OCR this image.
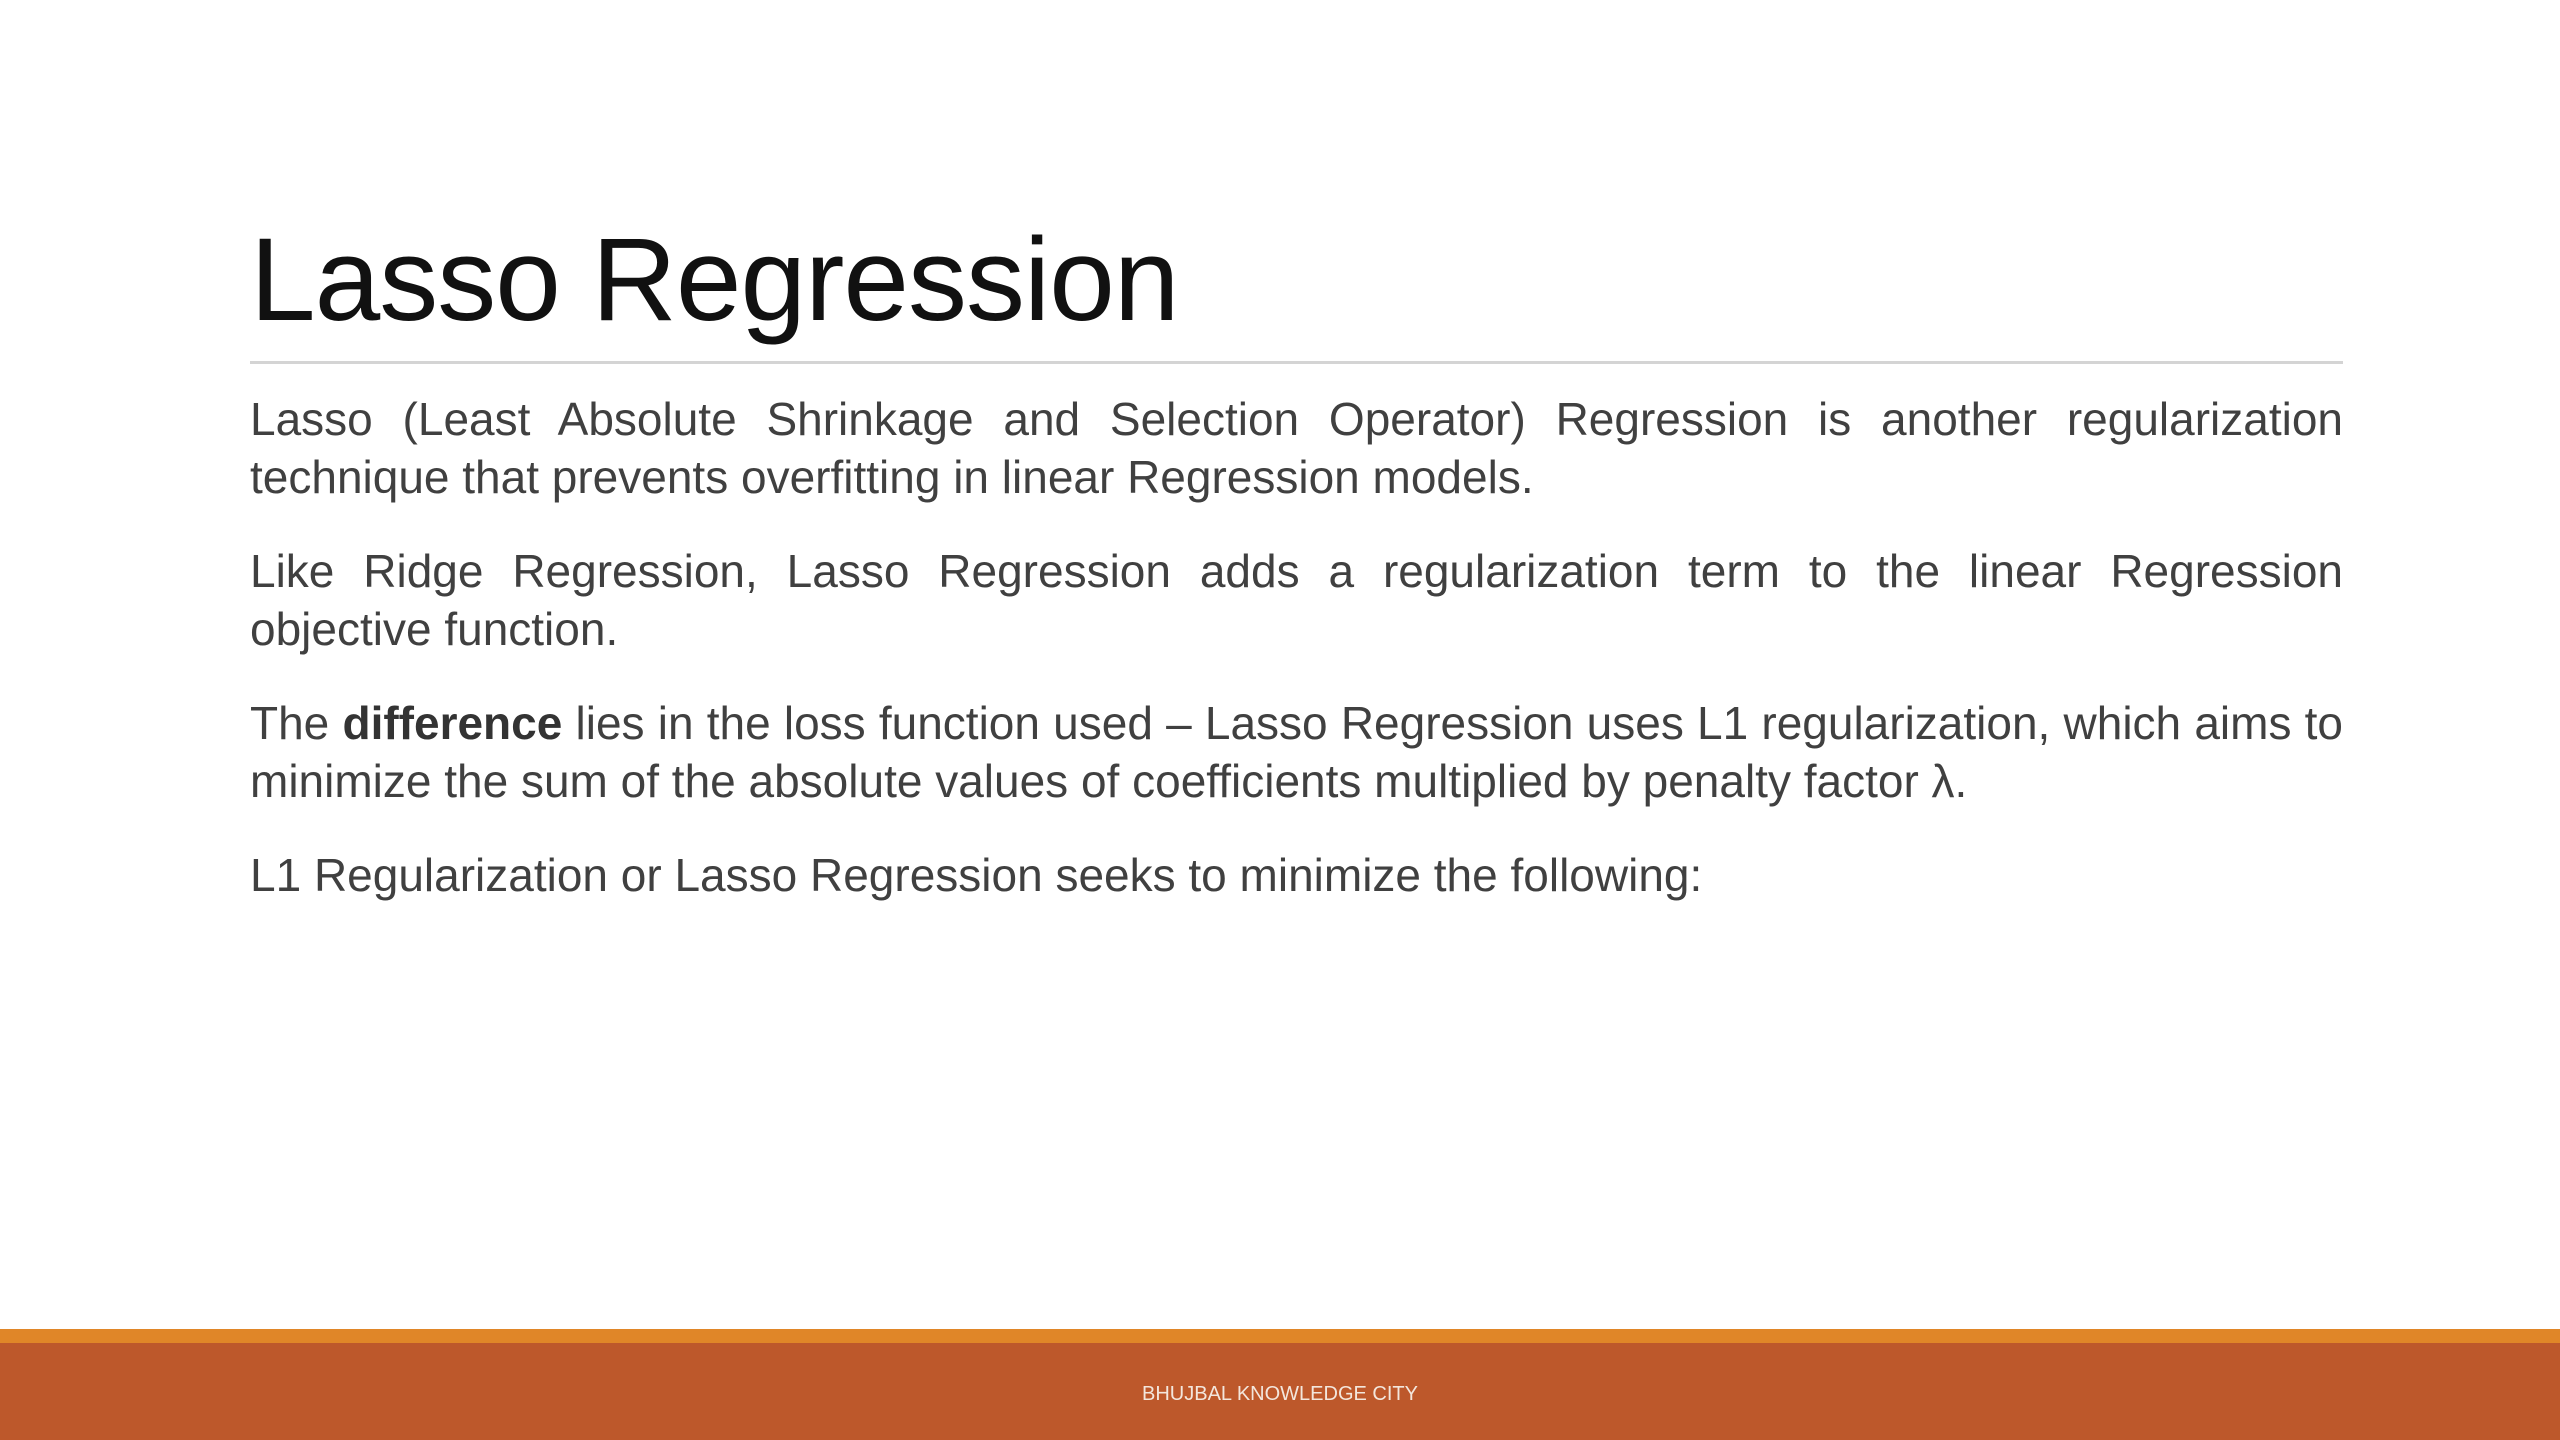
Lasso Regression

Lasso (Least Absolute Shrinkage and Selection Operator) Regression is another regularization technique that prevents overfitting in linear Regression models.

Like Ridge Regression, Lasso Regression adds a regularization term to the linear Regression objective function.

The difference lies in the loss function used – Lasso Regression uses L1 regularization, which aims to minimize the sum of the absolute values of coefficients multiplied by penalty factor λ.

L1 Regularization or Lasso Regression seeks to minimize the following:

BHUJBAL KNOWLEDGE CITY
